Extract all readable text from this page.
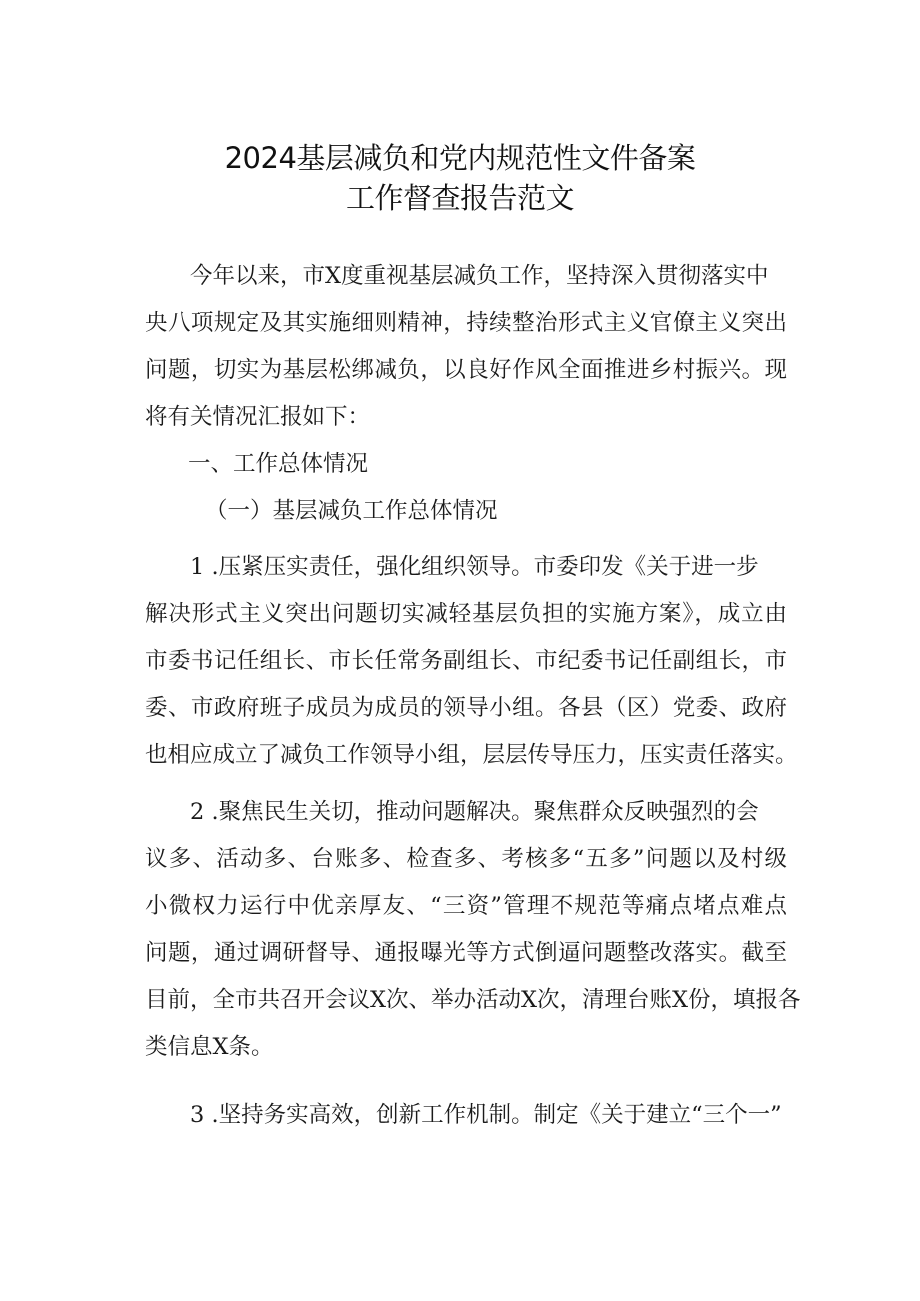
2024基层减负和党内规范性文件备案
工作督查报告范文
今年以来，市X度重视基层减负工作，坚持深入贯彻落实中
央八项规定及其实施细则精神，持续整治形式主义官僚主义突出
问题，切实为基层松绑减负，以良好作风全面推进乡村振兴。现
将有关情况汇报如下：
一、工作总体情况
（一）基层减负工作总体情况
1 .压紧压实责任，强化组织领导。市委印发《关于进一步
解决形式主义突出问题切实减轻基层负担的实施方案》，成立由
市委书记任组长、市长任常务副组长、市纪委书记任副组长，市
委、市政府班子成员为成员的领导小组。各县（区）党委、政府
也相应成立了减负工作领导小组，层层传导压力，压实责任落实。
2 .聚焦民生关切，推动问题解决。聚焦群众反映强烈的会
议多、活动多、台账多、检查多、考核多“五多”问题以及村级
小微权力运行中优亲厚友、“三资”管理不规范等痛点堵点难点
问题，通过调研督导、通报曝光等方式倒逼问题整改落实。截至
目前，全市共召开会议X次、举办活动X次，清理台账X份，填报各
类信息X条。
3 .坚持务实高效，创新工作机制。制定《关于建立“三个一”
